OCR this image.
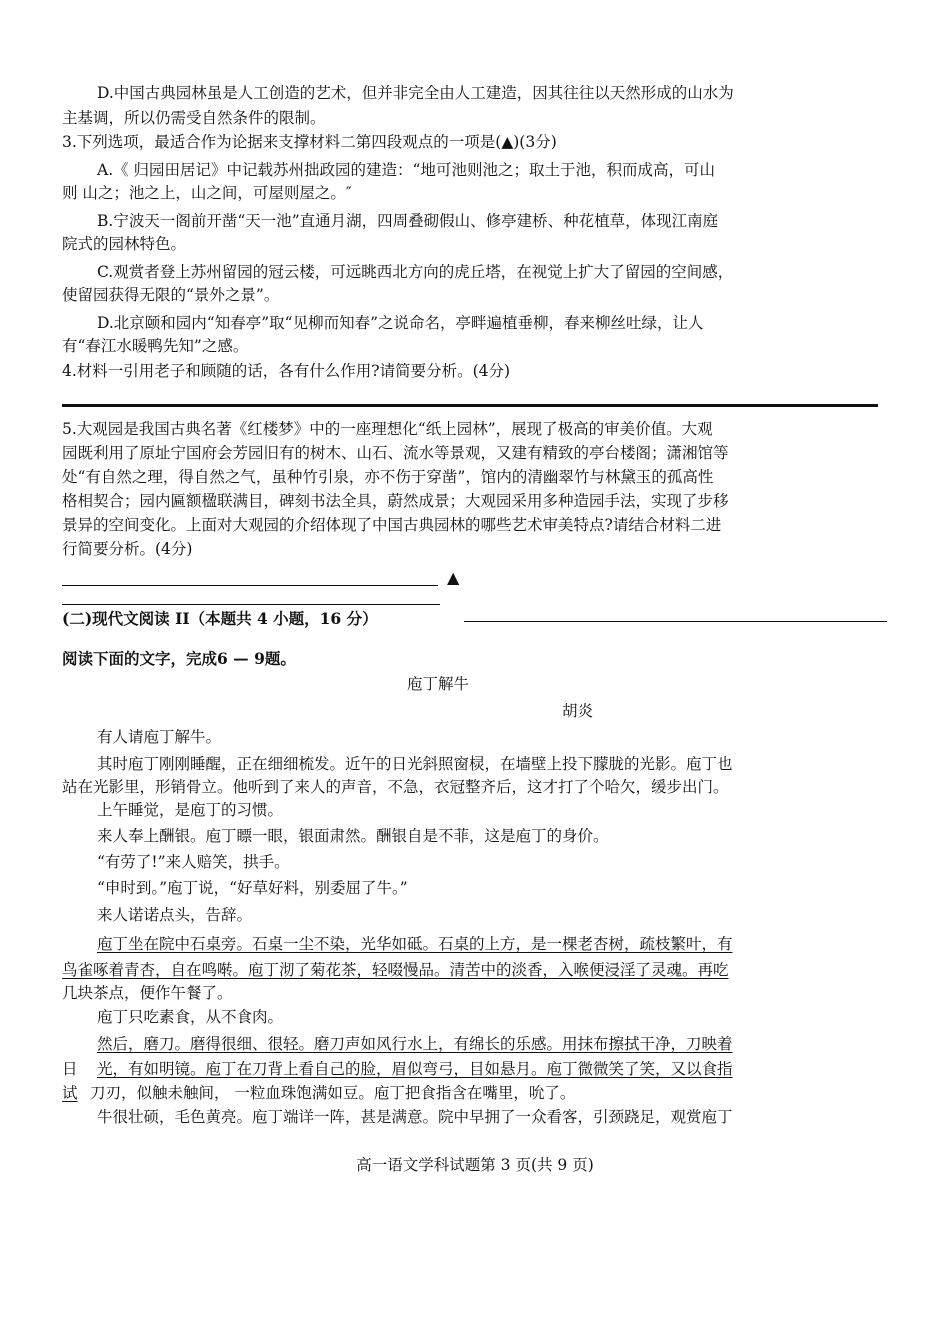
D.中国古典园林虽是人工创造的艺术，但并非完全由人工建造，因其往往以天然形成的山水为
主基调，所以仍需受自然条件的限制。
3.下列选项，最适合作为论据来支撑材料二第四段观点的一项是(▲)(3分)
A.《 归园田居记》中记载苏州拙政园的建造：“地可池则池之；取土于池，积而成高，可山
则 山之；池之上，山之间，可屋则屋之。″
B.宁波天一阁前开凿“天一池”直通月湖，四周叠砌假山、修亭建桥、种花植草，体现江南庭
院式的园林特色。
C.观赏者登上苏州留园的冠云楼，可远眺西北方向的虎丘塔，在视觉上扩大了留园的空间感，
使留园获得无限的“景外之景”。
D.北京颐和园内“知春亭”取“见柳而知春”之说命名，亭畔遍植垂柳，春来柳丝吐绿，让人
有“春江水暖鸭先知”之感。
4.材料一引用老子和顾随的话，各有什么作用?请简要分析。(4分)
5.大观园是我国古典名著《红楼梦》中的一座理想化“纸上园林”，展现了极高的审美价值。大观
园既利用了原址宁国府会芳园旧有的树木、山石、流水等景观，又建有精致的亭台楼阁；潇湘馆等
处“有自然之理，得自然之气，虽种竹引泉，亦不伤于穿凿”，馆内的清幽翠竹与林黛玉的孤高性
格相契合；园内匾额楹联满目，碑刻书法全具，蔚然成景；大观园采用多种造园手法，实现了步移
景异的空间变化。上面对大观园的介绍体现了中国古典园林的哪些艺术审美特点?请结合材料二进
行简要分析。(4分)
▲
(二)现代文阅读 II（本题共 4 小题，16 分）
阅读下面的文字，完成6 — 9题。
庖丁解牛
胡炎
有人请庖丁解牛。
其时庖丁刚刚睡醒，正在细细梳发。近午的日光斜照窗棂，在墙壁上投下朦胧的光影。庖丁也
站在光影里，形销骨立。他听到了来人的声音，不急，衣冠整齐后，这才打了个哈欠，缓步出门。
上午睡觉，是庖丁的习惯。
来人奉上酬银。庖丁瞟一眼，银面肃然。酬银自是不菲，这是庖丁的身价。
“有劳了!”来人赔笑，拱手。
“申时到。”庖丁说，“好草好料，别委屈了牛。”
来人诺诺点头，告辞。
庖丁坐在院中石桌旁。石桌一尘不染，光华如砥。石桌的上方，是一棵老杏树，疏枝繁叶，有
鸟雀啄着青杏，自在鸣啭。庖丁沏了菊花茶，轻啜慢品。清苦中的淡香，入喉便浸淫了灵魂。再吃
几块茶点，便作午餐了。
庖丁只吃素食，从不食肉。
然后，磨刀。磨得很细、很轻。磨刀声如风行水上，有绵长的乐感。用抹布擦拭干净，刀映着
日 光，有如明镜。庖丁在刀背上看自己的脸，眉似弯弓，目如悬月。庖丁微微笑了笑，又以食指
试 刀刃，似触未触间， 一粒血珠饱满如豆。庖丁把食指含在嘴里，吮了。
牛很壮硕，毛色黄亮。庖丁端详一阵，甚是满意。院中早拥了一众看客，引颈跷足，观赏庖丁
高一语文学科试题第 3 页(共 9 页)
